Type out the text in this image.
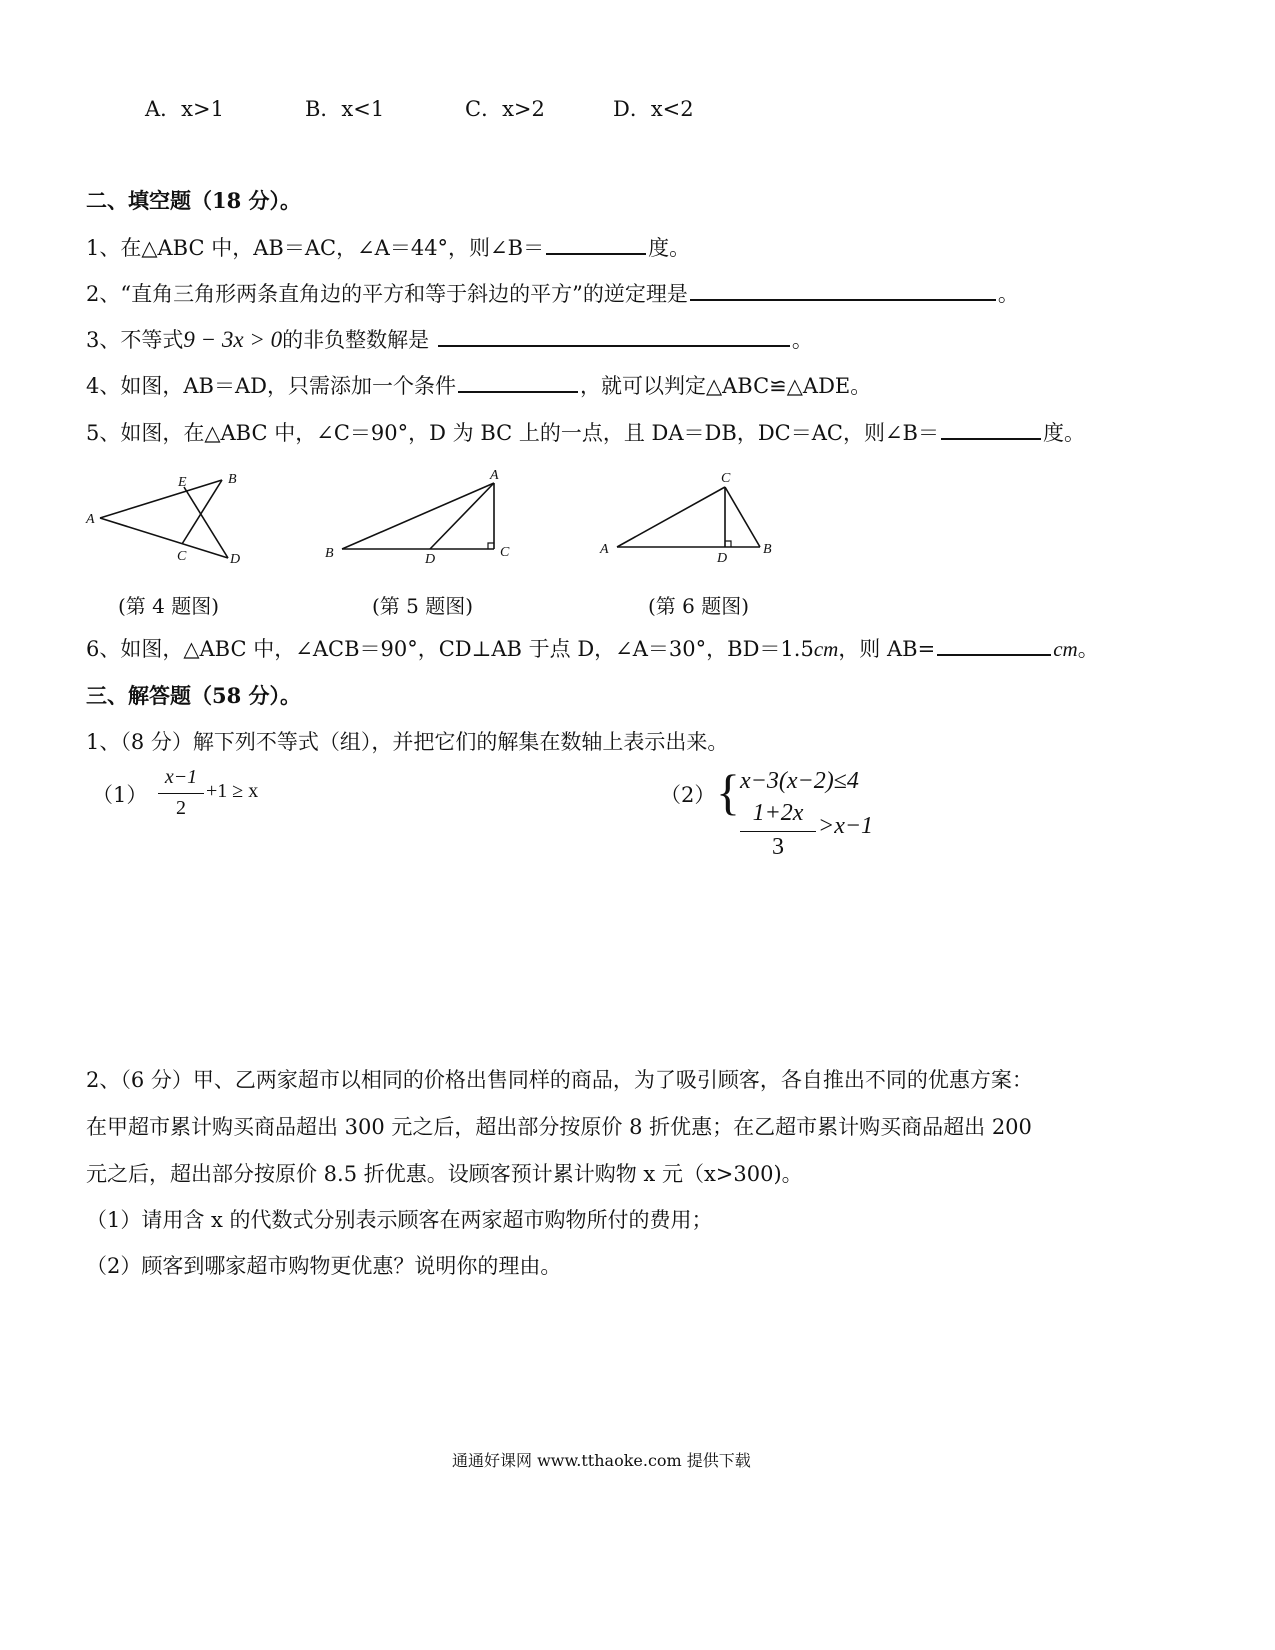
A．x>1	B．x<1	C．x>2	D．x<2
二、填空题（18 分）。
1、在△ABC 中，AB＝AC，∠A＝44°，则∠B＝	度。
2、“直角三角形两条直角边的平方和等于斜边的平方”的逆定理是	。
3、不等式9 − 3x > 0的非负整数解是	。
4、如图，AB＝AD，只需添加一个条件	，就可以判定△ABC≌△ADE。
5、如图，在△ABC 中，∠C＝90°，D 为 BC 上的一点，且 DA＝DB，DC＝AC，则∠B＝	度。
A
B
C	D
E	A
B	C
D
C
A	B
D
(第 4 题图)	(第 5 题图)	(第 6 题图)
6、如图，△ABC 中，∠ACB＝90°，CD⊥AB 于点 D，∠A＝30°，BD＝1.5cm，则 AB=	cm。
三、解答题（58 分）。
1、（8 分）解下列不等式（组），并把它们的解集在数轴上表示出来。
（1）
x−1
2
+1 ≥ x	（2） { x−3(x−2)≤4
1+2x
3
>x−1
2、（6 分）甲、乙两家超市以相同的价格出售同样的商品，为了吸引顾客，各自推出不同的优惠方案：
在甲超市累计购买商品超出 300 元之后，超出部分按原价 8 折优惠；在乙超市累计购买商品超出 200
元之后，超出部分按原价 8.5 折优惠。设顾客预计累计购物 x 元（x>300)。
（1）请用含 x 的代数式分别表示顾客在两家超市购物所付的费用；
（2）顾客到哪家超市购物更优惠？说明你的理由。
通通好课网 www.tthaoke.com 提供下载
